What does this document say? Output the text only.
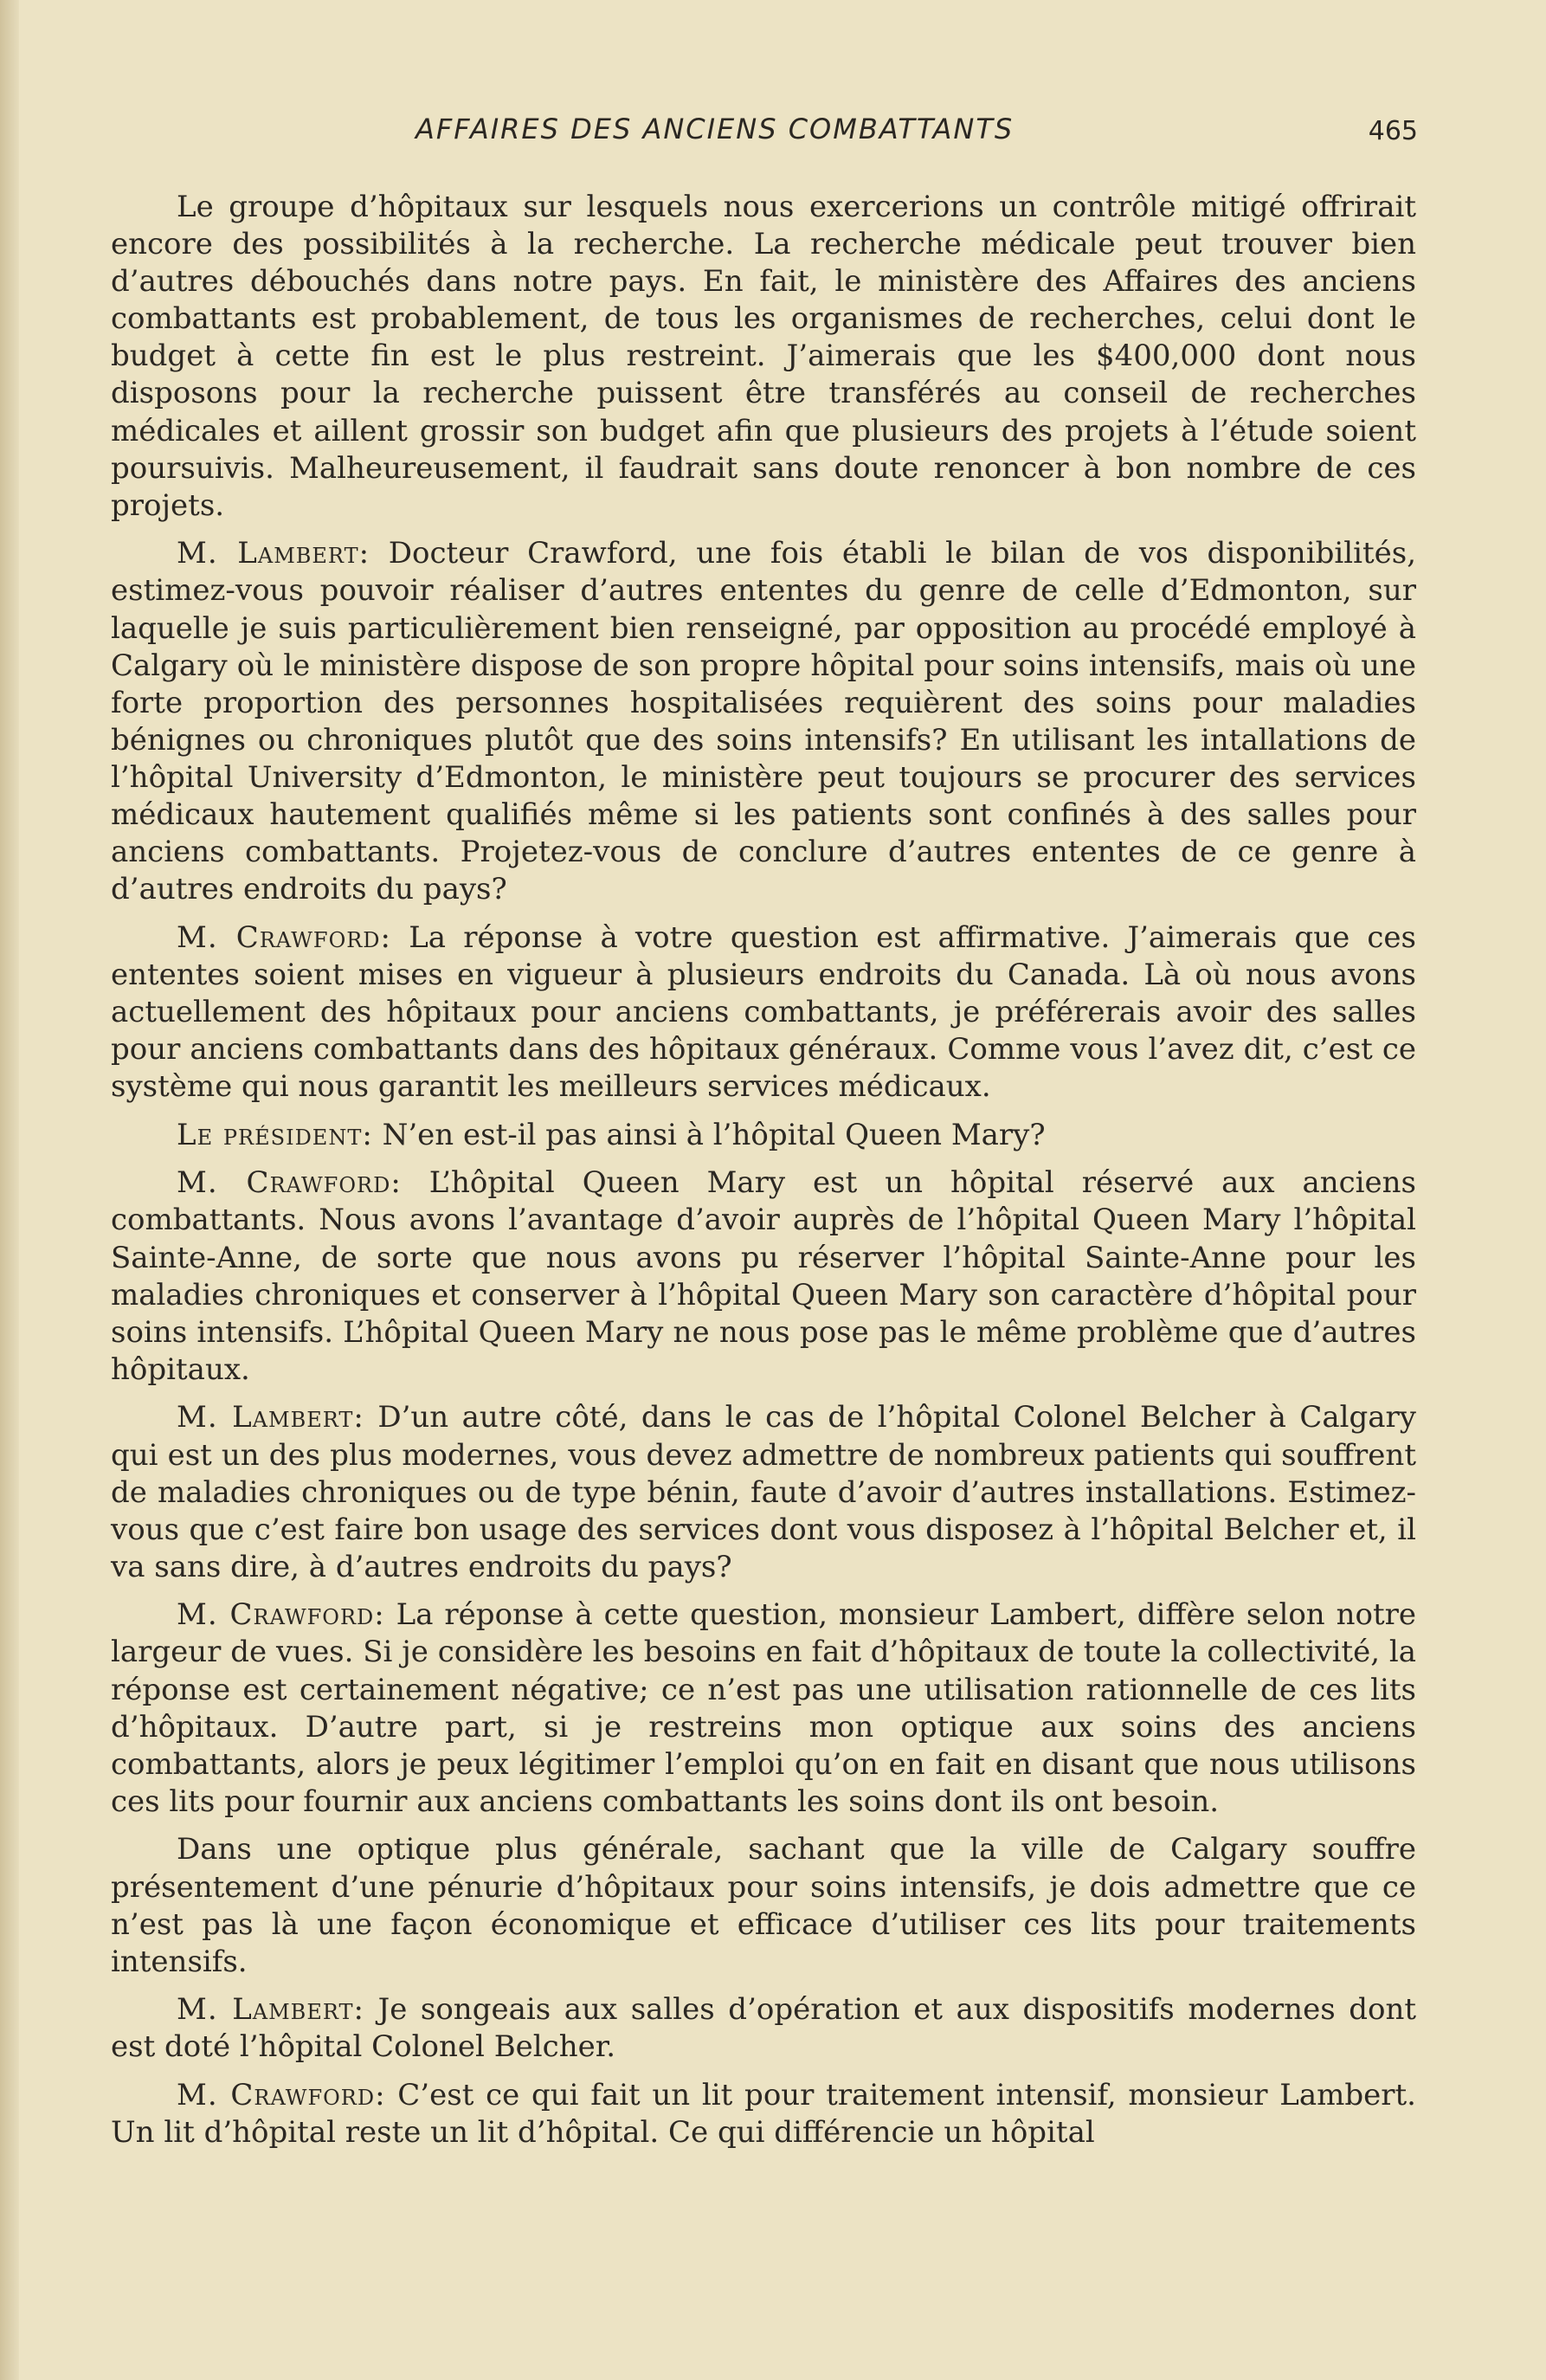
AFFAIRES DES ANCIENS COMBATTANTS	465

Le groupe d’hôpitaux sur lesquels nous exercerions un contrôle mitigé offrirait encore des possibilités à la recherche. La recherche médicale peut trouver bien d’autres débouchés dans notre pays. En fait, le ministère des Affaires des anciens combattants est probablement, de tous les organismes de recherches, celui dont le budget à cette fin est le plus restreint. J’aimerais que les $400,000 dont nous disposons pour la recherche puissent être transférés au conseil de recherches médicales et aillent grossir son budget afin que plusieurs des projets à l’étude soient poursuivis. Malheureusement, il faudrait sans doute renoncer à bon nombre de ces projets.

M. Lambert: Docteur Crawford, une fois établi le bilan de vos disponibilités, estimez-vous pouvoir réaliser d’autres ententes du genre de celle d’Edmonton, sur laquelle je suis particulièrement bien renseigné, par opposition au procédé employé à Calgary où le ministère dispose de son propre hôpital pour soins intensifs, mais où une forte proportion des personnes hospitalisées requièrent des soins pour maladies bénignes ou chroniques plutôt que des soins intensifs? En utilisant les intallations de l’hôpital University d’Edmonton, le ministère peut toujours se procurer des services médicaux hautement qualifiés même si les patients sont confinés à des salles pour anciens combattants. Projetez-vous de conclure d’autres ententes de ce genre à d’autres endroits du pays?

M. Crawford: La réponse à votre question est affirmative. J’aimerais que ces ententes soient mises en vigueur à plusieurs endroits du Canada. Là où nous avons actuellement des hôpitaux pour anciens combattants, je préférerais avoir des salles pour anciens combattants dans des hôpitaux généraux. Comme vous l’avez dit, c’est ce système qui nous garantit les meilleurs services médicaux.

Le président: N’en est-il pas ainsi à l’hôpital Queen Mary?

M. Crawford: L’hôpital Queen Mary est un hôpital réservé aux anciens combattants. Nous avons l’avantage d’avoir auprès de l’hôpital Queen Mary l’hôpital Sainte-Anne, de sorte que nous avons pu réserver l’hôpital Sainte-Anne pour les maladies chroniques et conserver à l’hôpital Queen Mary son caractère d’hôpital pour soins intensifs. L’hôpital Queen Mary ne nous pose pas le même problème que d’autres hôpitaux.

M. Lambert: D’un autre côté, dans le cas de l’hôpital Colonel Belcher à Calgary qui est un des plus modernes, vous devez admettre de nombreux patients qui souffrent de maladies chroniques ou de type bénin, faute d’avoir d’autres installations. Estimez-vous que c’est faire bon usage des services dont vous disposez à l’hôpital Belcher et, il va sans dire, à d’autres endroits du pays?

M. Crawford: La réponse à cette question, monsieur Lambert, diffère selon notre largeur de vues. Si je considère les besoins en fait d’hôpitaux de toute la collectivité, la réponse est certainement négative; ce n’est pas une utilisation rationnelle de ces lits d’hôpitaux. D’autre part, si je restreins mon optique aux soins des anciens combattants, alors je peux légitimer l’emploi qu’on en fait en disant que nous utilisons ces lits pour fournir aux anciens combattants les soins dont ils ont besoin.

Dans une optique plus générale, sachant que la ville de Calgary souffre présentement d’une pénurie d’hôpitaux pour soins intensifs, je dois admettre que ce n’est pas là une façon économique et efficace d’utiliser ces lits pour traitements intensifs.

M. Lambert: Je songeais aux salles d’opération et aux dispositifs modernes dont est doté l’hôpital Colonel Belcher.

M. Crawford: C’est ce qui fait un lit pour traitement intensif, monsieur Lambert. Un lit d’hôpital reste un lit d’hôpital. Ce qui différencie un hôpital
